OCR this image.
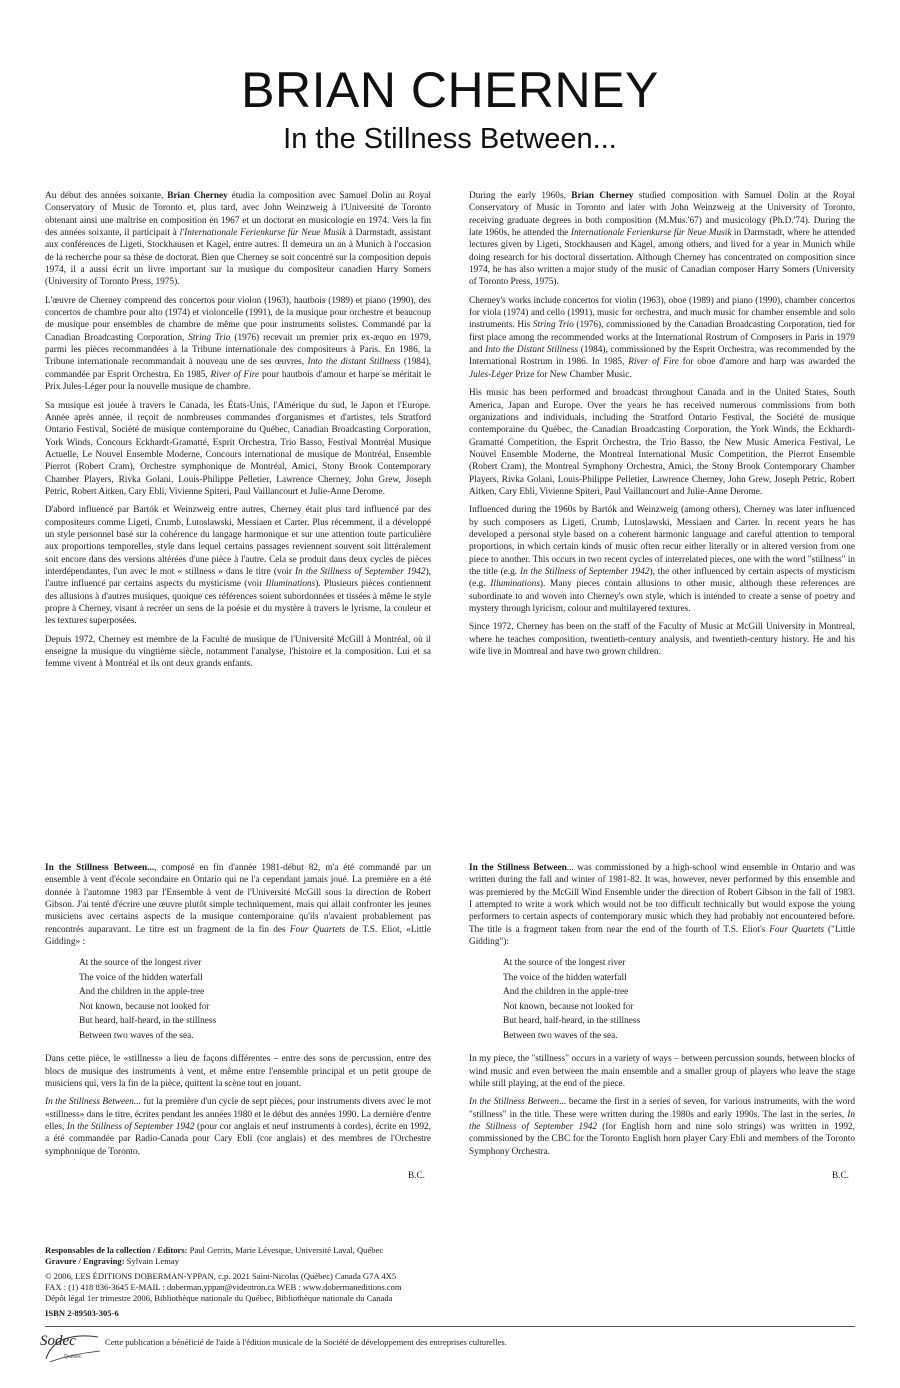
BRIAN CHERNEY
In the Stillness Between...

Au début des années soixante, Brian Cherney étudia la composition avec Samuel Dolin au Royal Conservatory of Music de Toronto et, plus tard, avec John Weinzweig à l'Université de Toronto obtenant ainsi une maîtrise en composition en 1967 et un doctorat en musicologie en 1974. Vers la fin des années soixante, il participait à l'Internationale Ferienkurse für Neue Musik à Darmstadt, assistant aux conférences de Ligeti, Stockhausen et Kagel, entre autres. Il demeura un an à Munich à l'occasion de la recherche pour sa thèse de doctorat. Bien que Cherney se soit concentré sur la composition depuis 1974, il a aussi écrit un livre important sur la musique du compositeur canadien Harry Somers (University of Toronto Press, 1975).

L'œuvre de Cherney comprend des concertos pour violon (1963), hautbois (1989) et piano (1990), des concertos de chambre pour alto (1974) et violoncelle (1991), de la musique pour orchestre et beaucoup de musique pour ensembles de chambre de même que pour instruments solistes. Commandé par la Canadian Broadcasting Corporation, String Trio (1976) recevait un premier prix ex-æquo en 1979, parmi les pièces recommandées à la Tribune internationale des compositeurs à Paris. En 1986, la Tribune internationale recommandait à nouveau une de ses œuvres, Into the distant Stillness (1984), commandée par Esprit Orchestra. En 1985, River of Fire pour hautbois d'amour et harpe se méritait le Prix Jules-Léger pour la nouvelle musique de chambre.

Sa musique est jouée à travers le Canada, les États-Unis, l'Amérique du sud, le Japon et l'Europe. Année après année, il reçoit de nombreuses commandes d'organismes et d'artistes, tels Stratford Ontario Festival, Société de musique contemporaine du Québec, Canadian Broadcasting Corporation, York Winds, Concours Eckhardt-Gramatté, Esprit Orchestra, Trio Basso, Festival Montréal Musique Actuelle, Le Nouvel Ensemble Moderne, Concours international de musique de Montréal, Ensemble Pierrot (Robert Cram), Orchestre symphonique de Montréal, Amici, Stony Brook Contemporary Chamber Players, Rivka Golani, Louis-Philippe Pelletier, Lawrence Cherney, John Grew, Joseph Petric, Robert Aitken, Cary Ebli, Vivienne Spiteri, Paul Vaillancourt et Julie-Anne Derome.

D'abord influencé par Bartók et Weinzweig entre autres, Cherney était plus tard influencé par des compositeurs comme Ligeti, Crumb, Lutoslawski, Messiaen et Carter. Plus récemment, il a développé un style personnel basé sur la cohérence du langage harmonique et sur une attention toute particulière aux proportions temporelles, style dans lequel certains passages reviennent souvent soit littéralement soit encore dans des versions altérées d'une pièce à l'autre. Cela se produit dans deux cycles de pièces interdépendantes, l'un avec le mot « stillness » dans le titre (voir In the Stillness of September 1942), l'autre influencé par certains aspects du mysticisme (voir Illuminations). Plusieurs pièces contiennent des allusions à d'autres musiques, quoique ces références soient subordonnées et tissées à même le style propre à Cherney, visant à recréer un sens de la poésie et du mystère à travers le lyrisme, la couleur et les textures superposées.

Depuis 1972, Cherney est membre de la Faculté de musique de l'Université McGill à Montréal, où il enseigne la musique du vingtième siècle, notamment l'analyse, l'histoire et la composition. Lui et sa femme vivent à Montréal et ils ont deux grands enfants.

During the early 1960s, Brian Cherney studied composition with Samuel Dolin at the Royal Conservatory of Music in Toronto and later with John Weinzweig at the University of Toronto, receiving graduate degrees in both composition (M.Mus.'67) and musicology (Ph.D.'74). During the late 1960s, he attended the Internationale Ferienkurse für Neue Musik in Darmstadt, where he attended lectures given by Ligeti, Stockhausen and Kagel, among others, and lived for a year in Munich while doing research for his doctoral dissertation. Although Cherney has concentrated on composition since 1974, he has also written a major study of the music of Canadian composer Harry Somers (University of Toronto Press, 1975).

Cherney's works include concertos for violin (1963), oboe (1989) and piano (1990), chamber concertos for viola (1974) and cello (1991), music for orchestra, and much music for chamber ensemble and solo instruments. His String Trio (1976), commissioned by the Canadian Broadcasting Corporation, tied for first place among the recommended works at the International Rostrum of Composers in Paris in 1979 and Into the Distant Stillness (1984), commissioned by the Esprit Orchestra, was recommended by the International Rostrum in 1986. In 1985, River of Fire for oboe d'amore and harp was awarded the Jules-Léger Prize for New Chamber Music.

His music has been performed and broadcast throughout Canada and in the United States, South America, Japan and Europe. Over the years he has received numerous commissions from both organizations and individuals, including the Stratford Ontario Festival, the Société de musique contemporaine du Québec, the Canadian Broadcasting Corporation, the York Winds, the Eckhardt-Gramatté Competition, the Esprit Orchestra, the Trio Basso, the New Music America Festival, Le Nouvel Ensemble Moderne, the Montreal International Music Competition, the Pierrot Ensemble (Robert Cram), the Montreal Symphony Orchestra, Amici, the Stony Brook Contemporary Chamber Players, Rivka Golani, Louis-Philippe Pelletier, Lawrence Cherney, John Grew, Joseph Petric, Robert Aitken, Cary Ebli, Vivienne Spiteri, Paul Vaillancourt and Julie-Anne Derome.

Influenced during the 1960s by Bartók and Weinzweig (among others), Cherney was later influenced by such composers as Ligeti, Crumb, Lutoslawski, Messiaen and Carter. In recent years he has developed a personal style based on a coherent harmonic language and careful attention to temporal proportions, in which certain kinds of music often recur either literally or in altered version from one piece to another. This occurs in two recent cycles of interrelated pieces, one with the word "stillness" in the title (e.g. In the Stillness of September 1942), the other influenced by certain aspects of mysticism (e.g. Illuminations). Many pieces contain allusions to other music, although these references are subordinate to and woven into Cherney's own style, which is intended to create a sense of poetry and mystery through lyricism, colour and multilayered textures.

Since 1972, Cherney has been on the staff of the Faculty of Music at McGill University in Montreal, where he teaches composition, twentieth-century analysis, and twentieth-century history. He and his wife live in Montreal and have two grown children.

In the Stillness Between..., composé en fin d'année 1981-début 82, m'a été commandé par un ensemble à vent d'école secondaire en Ontario qui ne l'a cependant jamais joué. La première en a été donnée à l'automne 1983 par l'Ensemble à vent de l'Université McGill sous la direction de Robert Gibson. J'ai tenté d'écrire une œuvre plutôt simple techniquement, mais qui allait confronter les jeunes musiciens avec certains aspects de la musique contemporaine qu'ils n'avaient probablement pas rencontrés auparavant. Le titre est un fragment de la fin des Four Quartets de T.S. Eliot, «Little Gidding» :

At the source of the longest river
The voice of the hidden waterfall
And the children in the apple-tree
Not known, because not looked for
But heard, half-heard, in the stillness
Between two waves of the sea.

Dans cette pièce, le «stillness» a lieu de façons différentes – entre des sons de percussion, entre des blocs de musique des instruments à vent, et même entre l'ensemble principal et un petit groupe de musiciens qui, vers la fin de la pièce, quittent la scène tout en jouant.

In the Stillness Between... fut la première d'un cycle de sept pièces, pour instruments divers avec le mot «stillness» dans le titre, écrites pendant les années 1980 et le début des années 1990. La dernière d'entre elles, In the Stillness of September 1942 (pour cor anglais et neuf instruments à cordes), écrite en 1992, a été commandée par Radio-Canada pour Cary Ebli (cor anglais) et des membres de l'Orchestre symphonique de Toronto.

B.C.

In the Stillness Between... was commissioned by a high-school wind ensemble in Ontario and was written during the fall and winter of 1981-82. It was, however, never performed by this ensemble and was premiered by the McGill Wind Ensemble under the direction of Robert Gibson in the fall of 1983. I attempted to write a work which would not be too difficult technically but would expose the young performers to certain aspects of contemporary music which they had probably not encountered before. The title is a fragment taken from near the end of the fourth of T.S. Eliot's Four Quartets ("Little Gidding"):

At the source of the longest river
The voice of the hidden waterfall
And the children in the apple-tree
Not known, because not looked for
But heard, half-heard, in the stillness
Between two waves of the sea.

In my piece, the "stillness" occurs in a variety of ways – between percussion sounds, between blocks of wind music and even between the main ensemble and a smaller group of players who leave the stage while still playing, at the end of the piece.

In the Stillness Between... became the first in a series of seven, for various instruments, with the word "stillness" in the title. These were written during the 1980s and early 1990s. The last in the series, In the Stillness of September 1942 (for English horn and nine solo strings) was written in 1992, commissioned by the CBC for the Toronto English horn player Cary Ebli and members of the Toronto Symphony Orchestra.

B.C.
Responsables de la collection / Editors: Paul Gerrits, Marie Lévesque, Université Laval, Québec
Gravure / Engraving: Sylvain Lemay
© 2006, LES ÉDITIONS DOBERMAN-YPPAN, c.p. 2021 Saint-Nicolas (Québec) Canada G7A 4X5
FAX : (1) 418 836-3645 E-MAIL : doberman.yppan@videotron.ca WEB : www.dobermaneditions.com
Dépôt légal 1er trimestre 2006, Bibliothèque nationale du Québec, Bibliothèque nationale du Canada
ISBN 2-89503-305-6
Sodec
Québec
Cette publication a bénéficié de l'aide à l'édition musicale de la Société de développement des entreprises culturelles.
